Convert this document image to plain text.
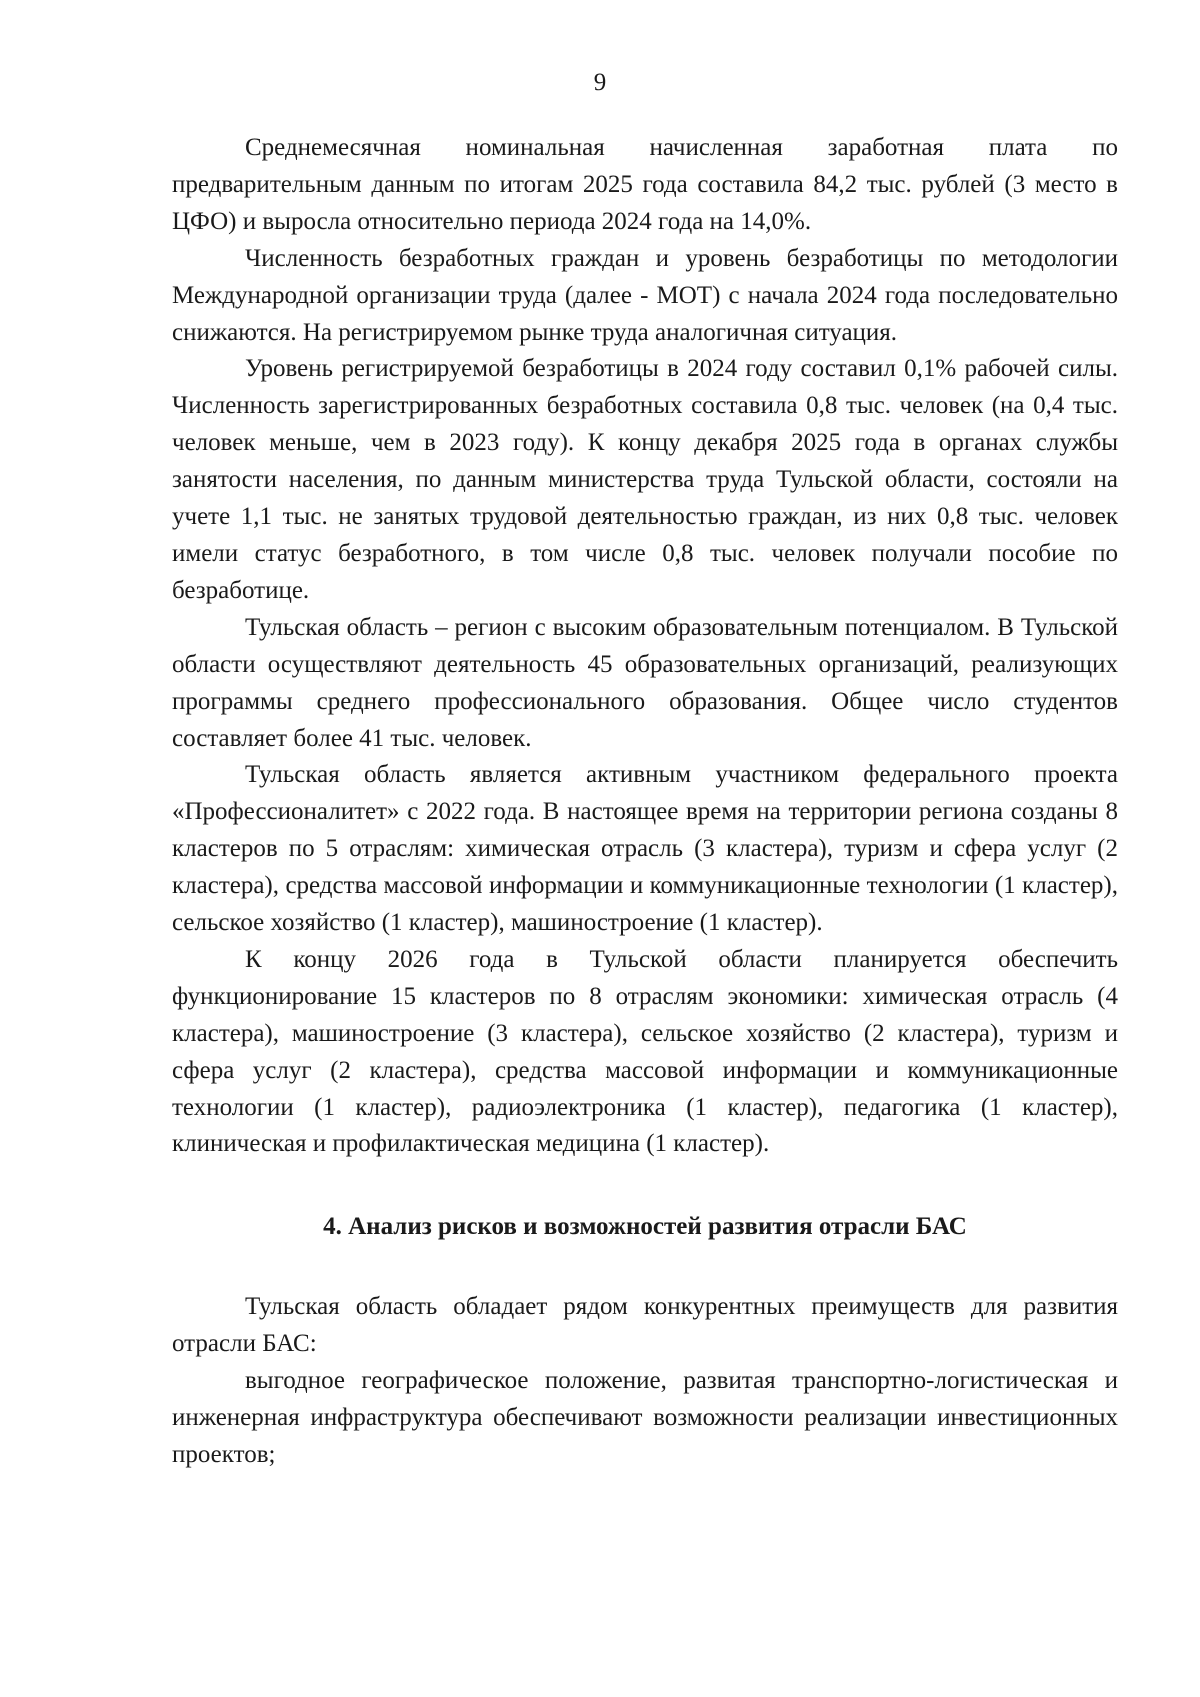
9

Среднемесячная номинальная начисленная заработная плата по предварительным данным по итогам 2025 года составила 84,2 тыс. рублей (3 место в ЦФО) и выросла относительно периода 2024 года на 14,0%.

Численность безработных граждан и уровень безработицы по методологии Международной организации труда (далее - МОТ) с начала 2024 года последовательно снижаются. На регистрируемом рынке труда аналогичная ситуация.

Уровень регистрируемой безработицы в 2024 году составил 0,1% рабочей силы. Численность зарегистрированных безработных составила 0,8 тыс. человек (на 0,4 тыс. человек меньше, чем в 2023 году). К концу декабря 2025 года в органах службы занятости населения, по данным министерства труда Тульской области, состояли на учете 1,1 тыс. не занятых трудовой деятельностью граждан, из них 0,8 тыс. человек имели статус безработного, в том числе 0,8 тыс. человек получали пособие по безработице.

Тульская область – регион с высоким образовательным потенциалом. В Тульской области осуществляют деятельность 45 образовательных организаций, реализующих программы среднего профессионального образования. Общее число студентов составляет более 41 тыс. человек.

Тульская область является активным участником федерального проекта «Профессионалитет» с 2022 года. В настоящее время на территории региона созданы 8 кластеров по 5 отраслям: химическая отрасль (3 кластера), туризм и сфера услуг (2 кластера), средства массовой информации и коммуникационные технологии (1 кластер), сельское хозяйство (1 кластер), машиностроение (1 кластер).

К концу 2026 года в Тульской области планируется обеспечить функционирование 15 кластеров по 8 отраслям экономики: химическая отрасль (4 кластера), машиностроение (3 кластера), сельское хозяйство (2 кластера), туризм и сфера услуг (2 кластера), средства массовой информации и коммуникационные технологии (1 кластер), радиоэлектроника (1 кластер), педагогика (1 кластер), клиническая и профилактическая медицина (1 кластер).

4. Анализ рисков и возможностей развития отрасли БАС

Тульская область обладает рядом конкурентных преимуществ для развития отрасли БАС:

выгодное географическое положение, развитая транспортно-логистическая и инженерная инфраструктура обеспечивают возможности реализации инвестиционных проектов;
